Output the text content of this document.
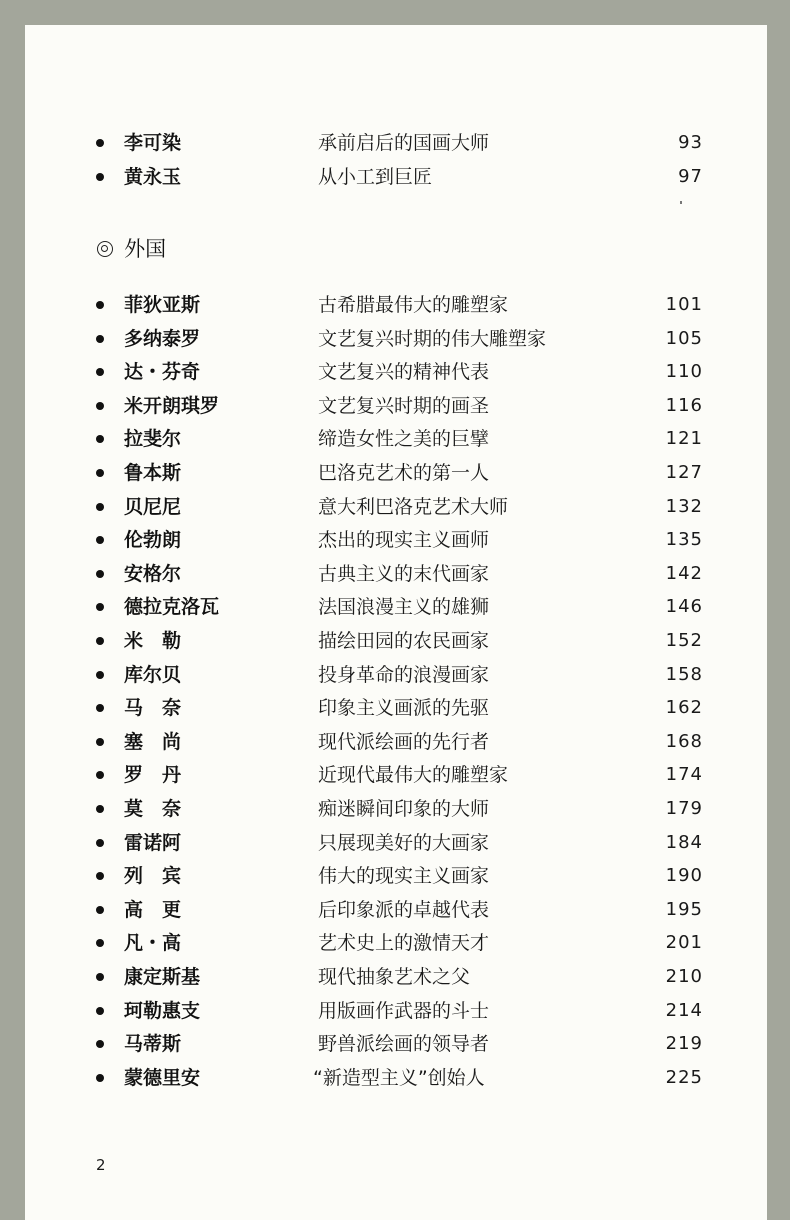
李可染	承前启后的国画大师	93
黄永玉	从小工到巨匠	97
外国
菲狄亚斯	古希腊最伟大的雕塑家	101
多纳泰罗	文艺复兴时期的伟大雕塑家	105
达・芬奇	文艺复兴的精神代表	110
米开朗琪罗	文艺复兴时期的画圣	116
拉斐尔	缔造女性之美的巨擘	121
鲁本斯	巴洛克艺术的第一人	127
贝尼尼	意大利巴洛克艺术大师	132
伦勃朗	杰出的现实主义画师	135
安格尔	古典主义的末代画家	142
德拉克洛瓦	法国浪漫主义的雄狮	146
米　勒	描绘田园的农民画家	152
库尔贝	投身革命的浪漫画家	158
马　奈	印象主义画派的先驱	162
塞　尚	现代派绘画的先行者	168
罗　丹	近现代最伟大的雕塑家	174
莫　奈	痴迷瞬间印象的大师	179
雷诺阿	只展现美好的大画家	184
列　宾	伟大的现实主义画家	190
高　更	后印象派的卓越代表	195
凡・高	艺术史上的激情天才	201
康定斯基	现代抽象艺术之父	210
珂勒惠支	用版画作武器的斗士	214
马蒂斯	野兽派绘画的领导者	219
蒙德里安	“新造型主义”创始人	225
2
